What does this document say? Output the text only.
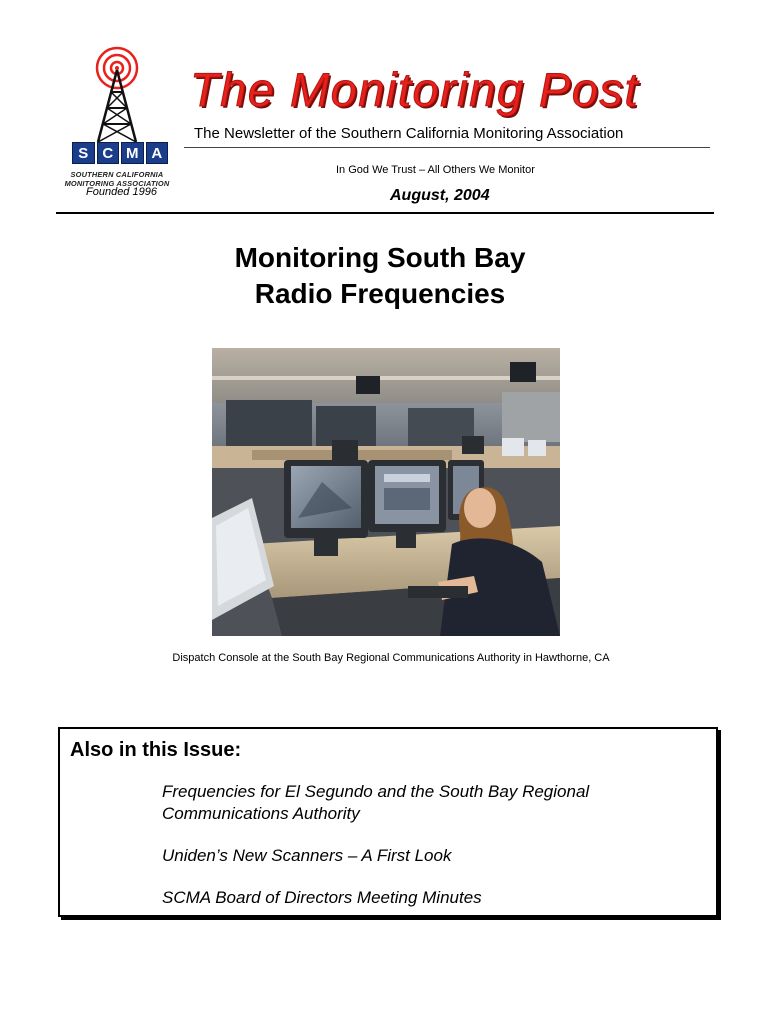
S C M A
SOUTHERN CALIFORNIA
MONITORING ASSOCIATION
Founded 1996
The Monitoring Post
The Newsletter of the Southern California Monitoring Association
In God We Trust – All Others We Monitor
August, 2004
Monitoring South Bay
Radio Frequencies
Dispatch Console at the South Bay Regional Communications Authority in Hawthorne, CA
Also in this Issue:
Frequencies for El Segundo and the South Bay Regional Communications Authority
Uniden’s New Scanners – A First Look
SCMA Board of Directors Meeting Minutes
